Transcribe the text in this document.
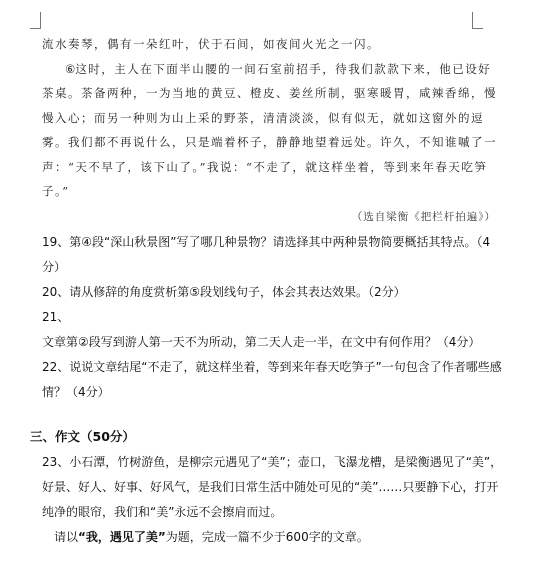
流水奏琴，偶有一朵红叶，伏于石间，如夜间火光之一闪。

⑥这时，主人在下面半山腰的一间石室前招手，待我们款款下来，他已设好茶桌。茶备两种，一为当地的黄豆、橙皮、姜丝所制，驱寒暖胃，咸辣香绵，慢慢入心；而另一种则为山上采的野茶，清清淡淡，似有似无，就如这窗外的逗雾。我们都不再说什么，只是端着杯子，静静地望着远处。许久，不知谁嘁了一声：“天不早了，该下山了。”我说：“不走了，就这样坐着，等到来年春天吃笋子。”

（选自梁衡《把栏杆拍遍》）

19、第④段“深山秋景图”写了哪几种景物？请选择其中两种景物简要概括其特点。（4分）

20、请从修辞的角度赏析第⑤段划线句子，体会其表达效果。（2分）

21、文章第②段写到游人第一天不为所动，第二天人走一半，在文中有何作用？（4分）

22、说说文章结尾“不走了，就这样坐着，等到来年春天吃笋子”一句包含了作者哪些感情？（4分）

三、作文（50分）

23、小石潭，竹树游鱼，是柳宗元遇见了“美”；壶口，飞瀑龙槽，是梁衡遇见了“美”，好景、好人、好事、好风气，是我们日常生活中随处可见的“美”……只要静下心，打开纯净的眼帘，我们和“美”永远不会擦肩而过。

请以“我，遇见了美”为题，完成一篇不少于600字的文章。
